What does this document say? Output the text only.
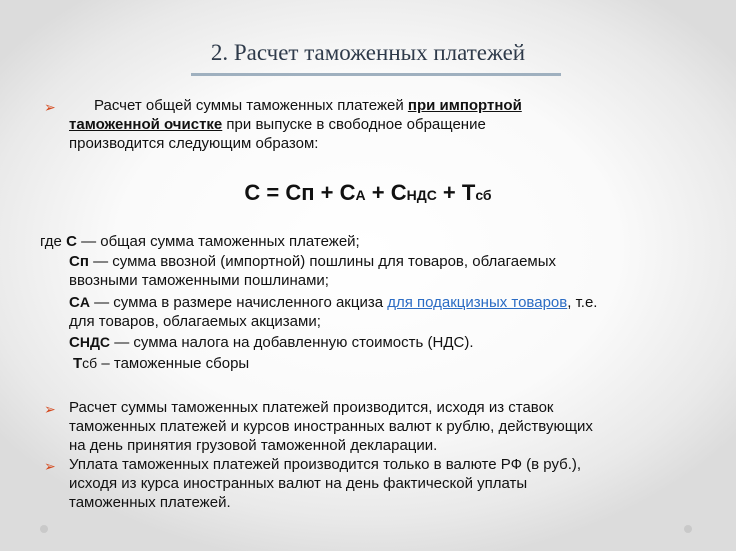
2. Расчет таможенных платежей
➢	Расчет общей суммы таможенных платежей при импортной
таможенной очистке при выпуске в свободное обращение
производится следующим образом:
С = Сп + СА + СНДС + Тсб
где С — общая сумма таможенных платежей;
Сп — сумма ввозной (импортной) пошлины для товаров, облагаемых
ввозными таможенными пошлинами;
СА — сумма в размере начисленного акциза для подакцизных товаров, т.е.
для товаров, облагаемых акцизами;
СНДС — сумма налога на добавленную стоимость (НДС).
Тсб – таможенные сборы
➢ Расчет суммы таможенных платежей производится, исходя из ставок
таможенных платежей и курсов иностранных валют к рублю, действующих
на день принятия грузовой таможенной декларации.
➢ Уплата таможенных платежей производится только в валюте РФ (в руб.),
исходя из курса иностранных валют на день фактической уплаты
таможенных платежей.
